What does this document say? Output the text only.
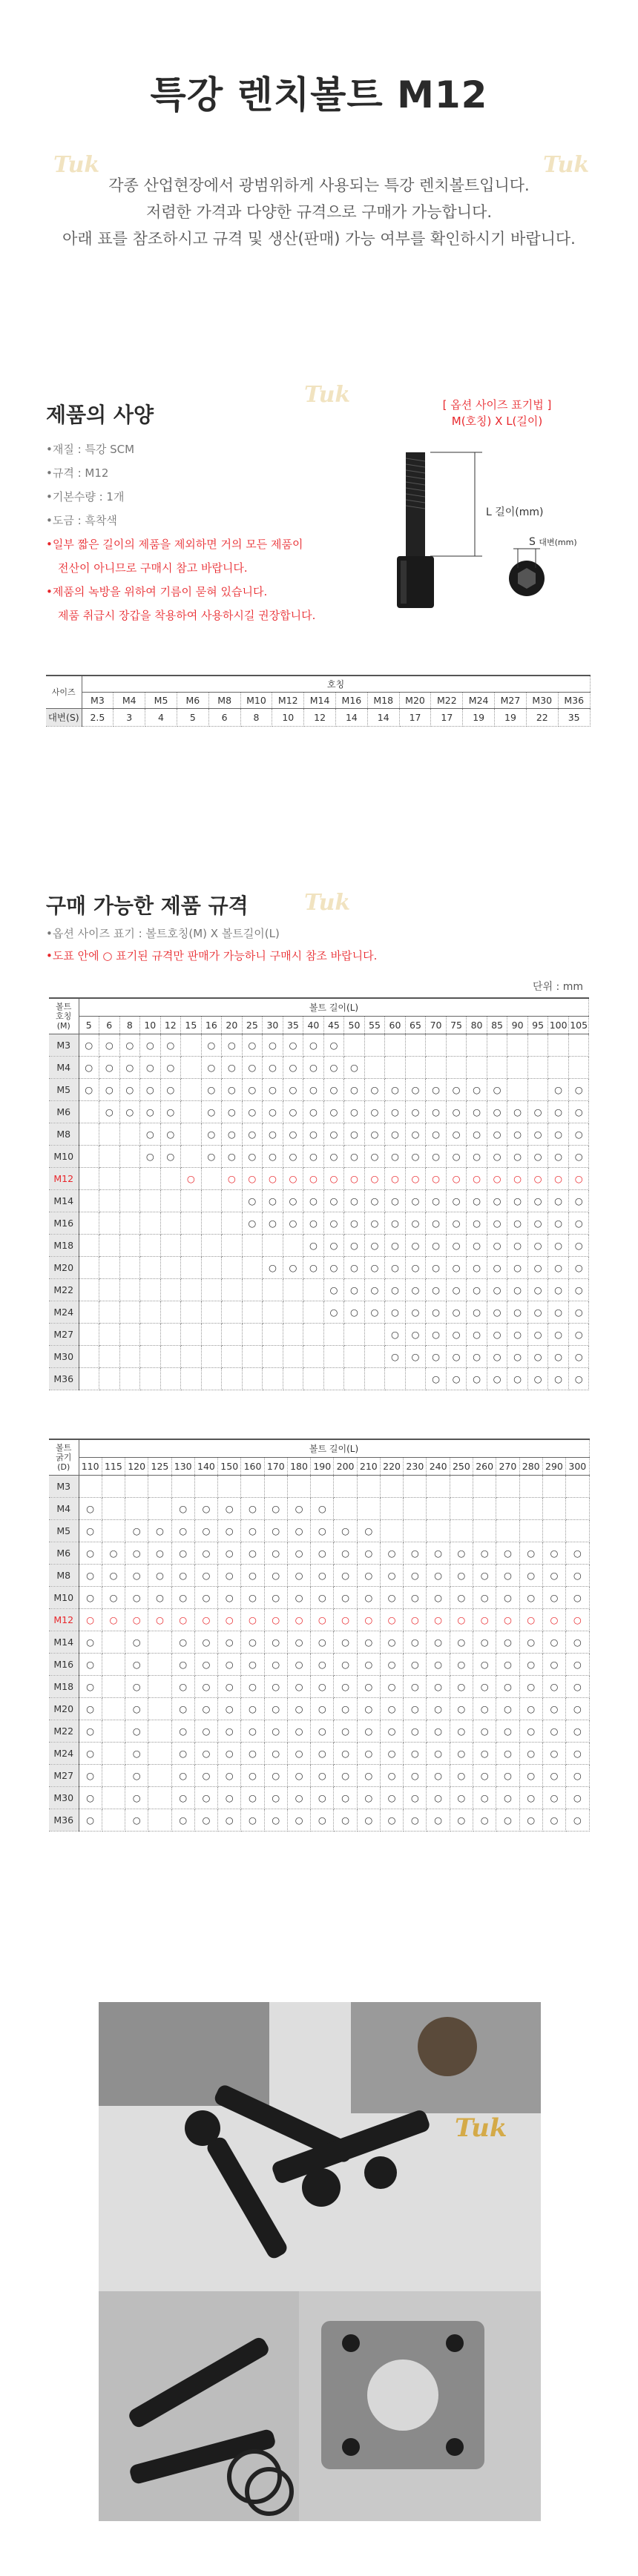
특강 렌치볼트 M12
Tuk	Tuk
각종 산업현장에서 광범위하게 사용되는 특강 렌치볼트입니다.
저렴한 가격과 다양한 규격으로 구매가 가능합니다.
아래 표를 참조하시고 규격 및 생산(판매) 가능 여부를 확인하시기 바랍니다.
제품의 사양
Tuk
•재질 : 특강 SCM
•규격 : M12
•기본수량 : 1개
•도금 : 흑착색
•일부 짧은 길이의 제품을 제외하면 거의 모든 제품이
전산이 아니므로 구매시 참고 바랍니다.
•제품의 녹방을 위하여 기름이 묻혀 있습니다.
제품 취급시 장갑을 착용하여 사용하시길 권장합니다.
[ 옵션 사이즈 표기법 ]
M(호칭) X L(길이)
L 길이(mm)
S 대변(mm)
사이즈	호칭															
	M3	M4	M5	M6	M8	M10	M12	M14	M16	M18	M20	M22	M24	M27	M30	M36
대변(S)	2.5	3	4	5	6	8	10	12	14	14	17	17	19	19	22	35
구매 가능한 제품 규격
•옵션 사이즈 표기 : 볼트호칭(M) X 볼트길이(L)
•도표 안에 ○ 표기된 규격만 판매가 가능하니 구매시 참조 바랍니다.
Tuk
단위 : mm
볼트
호칭
(M)	볼트 길이(L)																								
	5	6	8	10	12	15	16	20	25	30	35	40	45	50	55	60	65	70	75	80	85	90	95	100	105
M3	○	○	○	○	○		○	○	○	○	○	○	○												
M4	○	○	○	○	○		○	○	○	○	○	○	○	○											
M5	○	○	○	○	○		○	○	○	○	○	○	○	○	○	○	○	○	○	○	○			○	○
M6		○	○	○	○		○	○	○	○	○	○	○	○	○	○	○	○	○	○	○	○	○	○	○
M8				○	○		○	○	○	○	○	○	○	○	○	○	○	○	○	○	○	○	○	○	○
M10				○	○		○	○	○	○	○	○	○	○	○	○	○	○	○	○	○	○	○	○	○
M12						○		○	○	○	○	○	○	○	○	○	○	○	○	○	○	○	○	○	○
M14									○	○	○	○	○	○	○	○	○	○	○	○	○	○	○	○	○
M16									○	○	○	○	○	○	○	○	○	○	○	○	○	○	○	○	○
M18												○	○	○	○	○	○	○	○	○	○	○	○	○	○
M20										○	○	○	○	○	○	○	○	○	○	○	○	○	○	○	○
M22													○	○	○	○	○	○	○	○	○	○	○	○	○
M24													○	○	○	○	○	○	○	○	○	○	○	○	○
M27																○	○	○	○	○	○	○	○	○	○
M30																○	○	○	○	○	○	○	○	○	○
M36																		○	○	○	○	○	○	○	○
볼트
굵기
(D)	볼트 길이(L)																					
	110	115	120	125	130	140	150	160	170	180	190	200	210	220	230	240	250	260	270	280	290	300
M3																						
M4	○				○	○	○	○	○	○	○											
M5	○		○	○	○	○	○	○	○	○	○	○	○									
M6	○	○	○	○	○	○	○	○	○	○	○	○	○	○	○	○	○	○	○	○	○	○
M8	○	○	○	○	○	○	○	○	○	○	○	○	○	○	○	○	○	○	○	○	○	○
M10	○	○	○	○	○	○	○	○	○	○	○	○	○	○	○	○	○	○	○	○	○	○
M12	○	○	○	○	○	○	○	○	○	○	○	○	○	○	○	○	○	○	○	○	○	○
M14	○		○		○	○	○	○	○	○	○	○	○	○	○	○	○	○	○	○	○	○
M16	○		○		○	○	○	○	○	○	○	○	○	○	○	○	○	○	○	○	○	○
M18	○		○		○	○	○	○	○	○	○	○	○	○	○	○	○	○	○	○	○	○
M20	○		○		○	○	○	○	○	○	○	○	○	○	○	○	○	○	○	○	○	○
M22	○		○		○	○	○	○	○	○	○	○	○	○	○	○	○	○	○	○	○	○
M24	○		○		○	○	○	○	○	○	○	○	○	○	○	○	○	○	○	○	○	○
M27	○		○		○	○	○	○	○	○	○	○	○	○	○	○	○	○	○	○	○	○
M30	○		○		○	○	○	○	○	○	○	○	○	○	○	○	○	○	○	○	○	○
M36	○		○		○	○	○	○	○	○	○	○	○	○	○	○	○	○	○	○	○	○
Tuk
